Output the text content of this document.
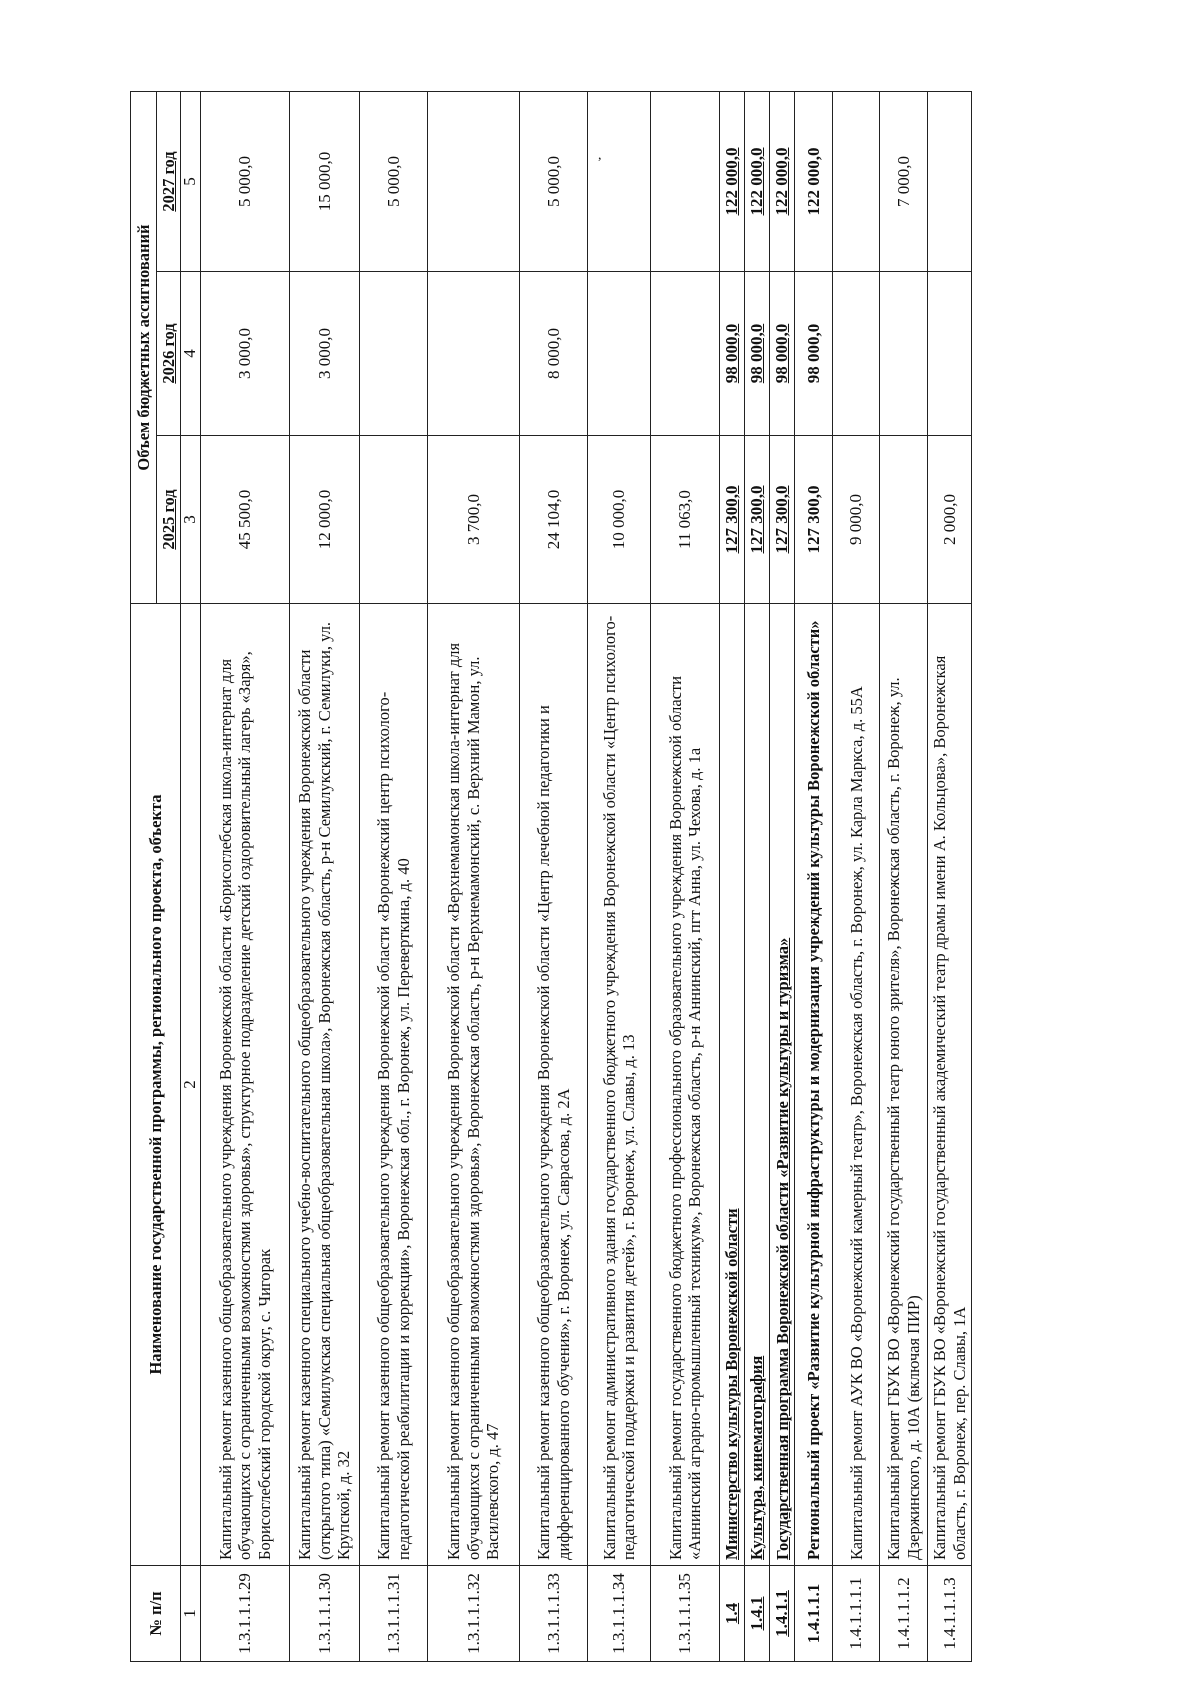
,
№ п/п	Наименование государственной программы, регионального проекта, объекта	Объем бюджетных ассигнований		
		2025 год	2026 год	2027 год
1	2	3	4	5
1.3.1.1.1.29	Капитальный ремонт казенного общеобразовательного учреждения Воронежской области «Борисоглебская школа-интернат для обучающихся с ограниченными возможностями здоровья», структурное подразделение детский оздоровительный лагерь «Заря», Борисоглебский городской округ, с. Чигорак	45 500,0	3 000,0	5 000,0
1.3.1.1.1.30	Капитальный ремонт казенного специального учебно-воспитательного общеобразовательного учреждения Воронежской области (открытого типа) «Семилукская специальная общеобразовательная школа», Воронежская область, р-н Семилукский, г. Семилуки, ул. Крупской, д. 32	12 000,0	3 000,0	15 000,0
1.3.1.1.1.31	Капитальный ремонт казенного общеобразовательного учреждения Воронежской области «Воронежский центр психолого-педагогической реабилитации и коррекции», Воронежская обл., г. Воронеж, ул. Переверткина, д. 40			5 000,0
1.3.1.1.1.32	Капитальный ремонт казенного общеобразовательного учреждения Воронежской области «Верхнемамонская школа-интернат для обучающихся с ограниченными возможностями здоровья», Воронежская область, р-н Верхнемамонский, с. Верхний Мамон, ул. Василевского, д. 47	3 700,0		
1.3.1.1.1.33	Капитальный ремонт казенного общеобразовательного учреждения Воронежской области «Центр лечебной педагогики и дифференцированного обучения», г. Воронеж, ул. Саврасова, д. 2А	24 104,0	8 000,0	5 000,0
1.3.1.1.1.34	Капитальный ремонт административного здания государственного бюджетного учреждения Воронежской области «Центр психолого-педагогической поддержки и развития детей», г. Воронеж, ул. Славы, д. 13	10 000,0		
1.3.1.1.1.35	Капитальный ремонт государственного бюджетного профессионального образовательного учреждения Воронежской области «Аннинский аграрно-промышленный техникум», Воронежская область, р-н Аннинский, пгт Анна, ул. Чехова, д. 1а	11 063,0		
1.4	Министерство культуры Воронежской области	127 300,0	98 000,0	122 000,0
1.4.1	Культура, кинематография	127 300,0	98 000,0	122 000,0
1.4.1.1	Государственная программа Воронежской области «Развитие культуры и туризма»	127 300,0	98 000,0	122 000,0
1.4.1.1.1	Региональный проект «Развитие культурной инфраструктуры и модернизация учреждений культуры Воронежской области»	127 300,0	98 000,0	122 000,0
1.4.1.1.1.1	Капитальный ремонт АУК ВО «Воронежский камерный театр», Воронежская область, г. Воронеж, ул. Карла Маркса, д. 55А	9 000,0		
1.4.1.1.1.2	Капитальный ремонт ГБУК ВО «Воронежский государственный театр юного зрителя», Воронежская область, г. Воронеж, ул. Дзержинского, д. 10А (включая ПИР)			7 000,0
1.4.1.1.1.3	Капитальный ремонт ГБУК ВО «Воронежский государственный академический театр драмы имени А. Кольцова», Воронежская область, г. Воронеж, пер. Славы, 1А	2 000,0		
